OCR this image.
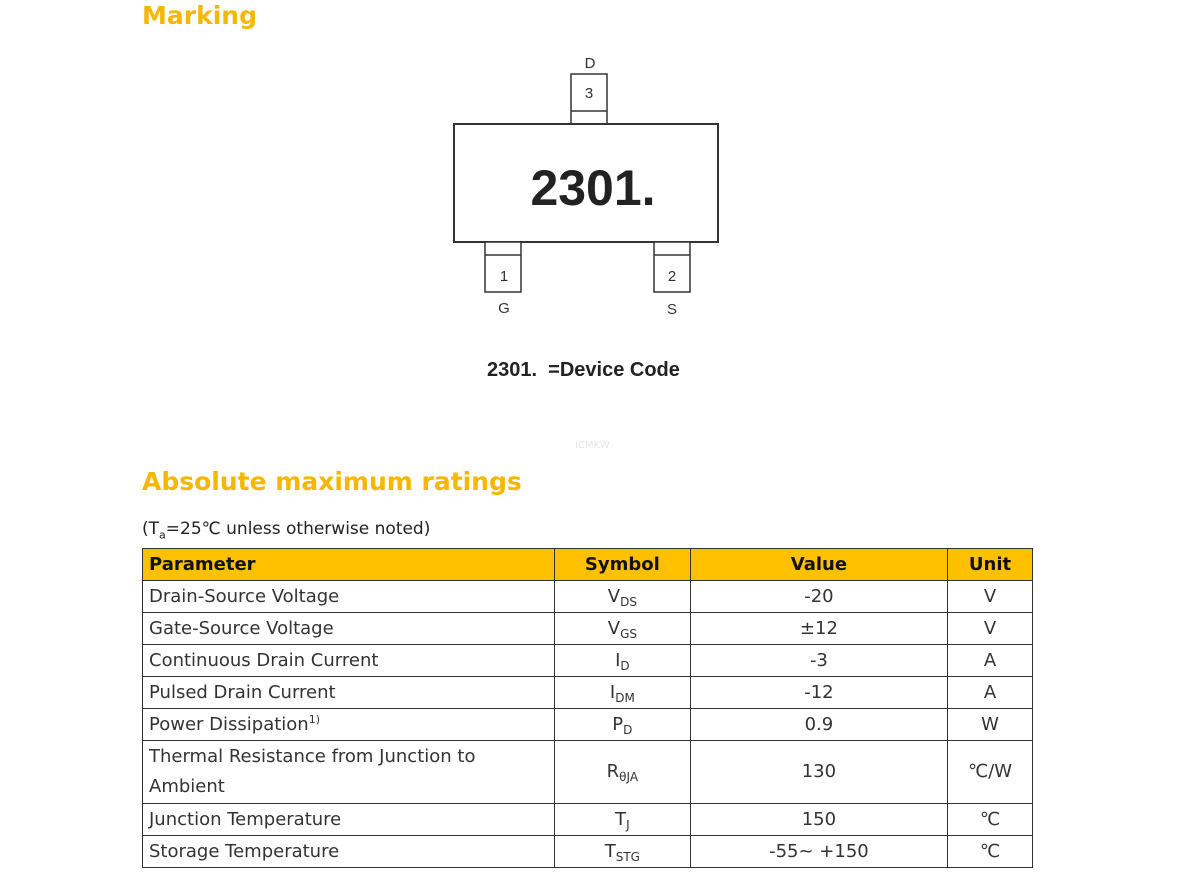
Marking
D
3
2301.
1
G
2
S
2301.  =Device Code
ICMKW
Absolute maximum ratings
($T_a=25℃$ unless otherwise noted)
Parameter	Symbol	Value	Unit
Drain-Source Voltage	$V_{DS}$	-20	V
Gate-Source Voltage	$V_{GS}$	±12	V
Continuous Drain Current	$I_D$	-3	A
Pulsed Drain Current	$I_{DM}$	-12	A
Power Dissipation$^{1)}$	$P_D$	0.9	W
Thermal Resistance from Junction to Ambient	$R_{\theta JA}$	130	℃/W
Junction Temperature	$T_J$	150	℃
Storage Temperature	$T_{STG}$	-55~ +150	℃
